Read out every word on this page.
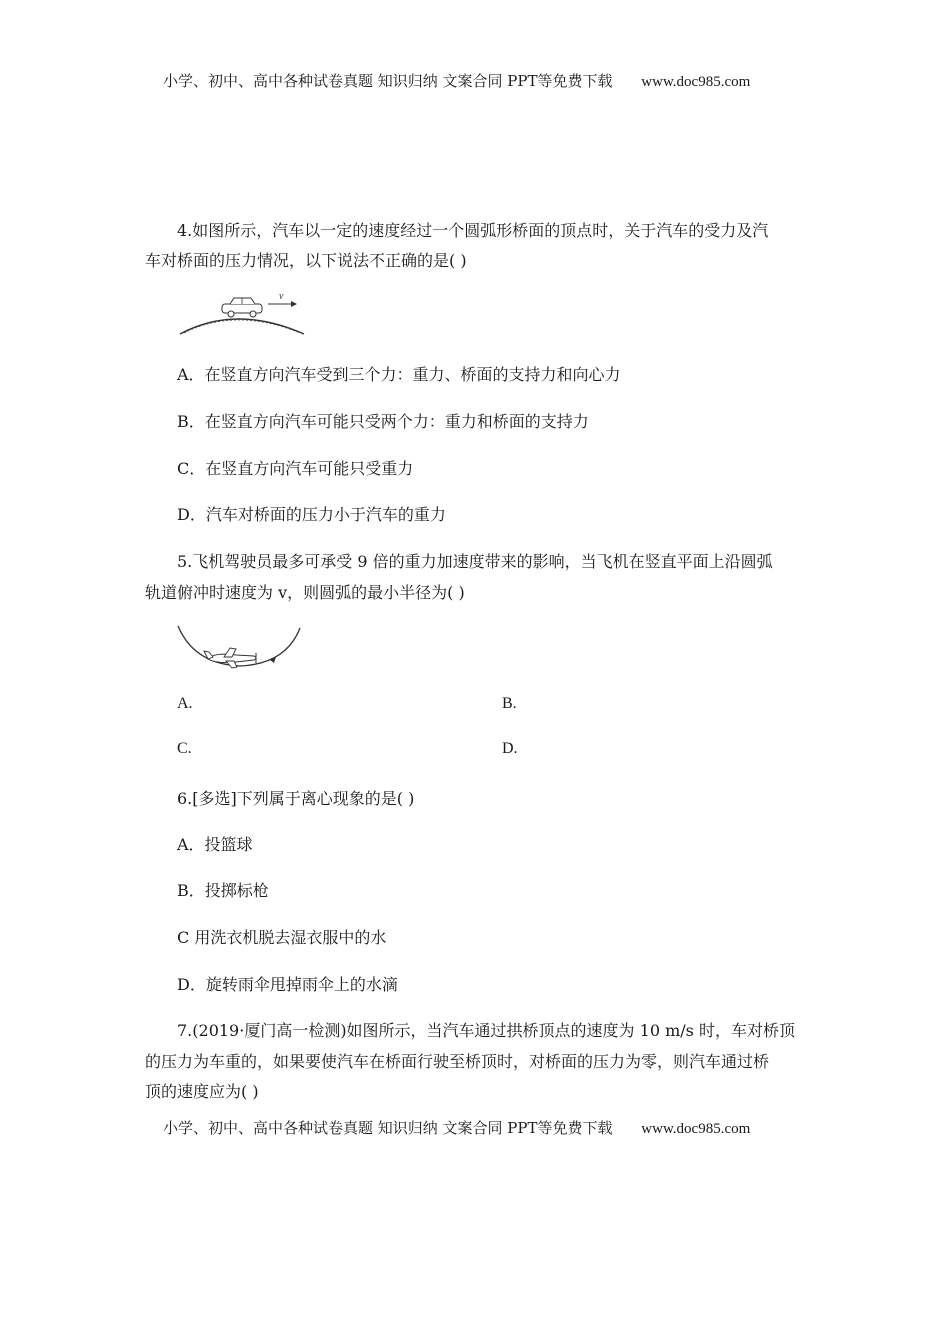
小学、初中、高中各种试卷真题 知识归纳 文案合同 PPT等免费下载 www.doc985.com
4.如图所示，汽车以一定的速度经过一个圆弧形桥面的顶点时，关于汽车的受力及汽
车对桥面的压力情况，以下说法不正确的是( )
v
A．在竖直方向汽车受到三个力：重力、桥面的支持力和向心力
B．在竖直方向汽车可能只受两个力：重力和桥面的支持力
C．在竖直方向汽车可能只受重力
D．汽车对桥面的压力小于汽车的重力
5.飞机驾驶员最多可承受 9 倍的重力加速度带来的影响，当飞机在竖直平面上沿圆弧
轨道俯冲时速度为 v，则圆弧的最小半径为( )
A.	B.
C.	D.
6.[多选]下列属于离心现象的是( )
A．投篮球
B．投掷标枪
C 用洗衣机脱去湿衣服中的水
D．旋转雨伞甩掉雨伞上的水滴
7.(2019·厦门高一检测)如图所示，当汽车通过拱桥顶点的速度为 10 m/s 时，车对桥顶
的压力为车重的，如果要使汽车在桥面行驶至桥顶时，对桥面的压力为零，则汽车通过桥
顶的速度应为( )
小学、初中、高中各种试卷真题 知识归纳 文案合同 PPT等免费下载 www.doc985.com
